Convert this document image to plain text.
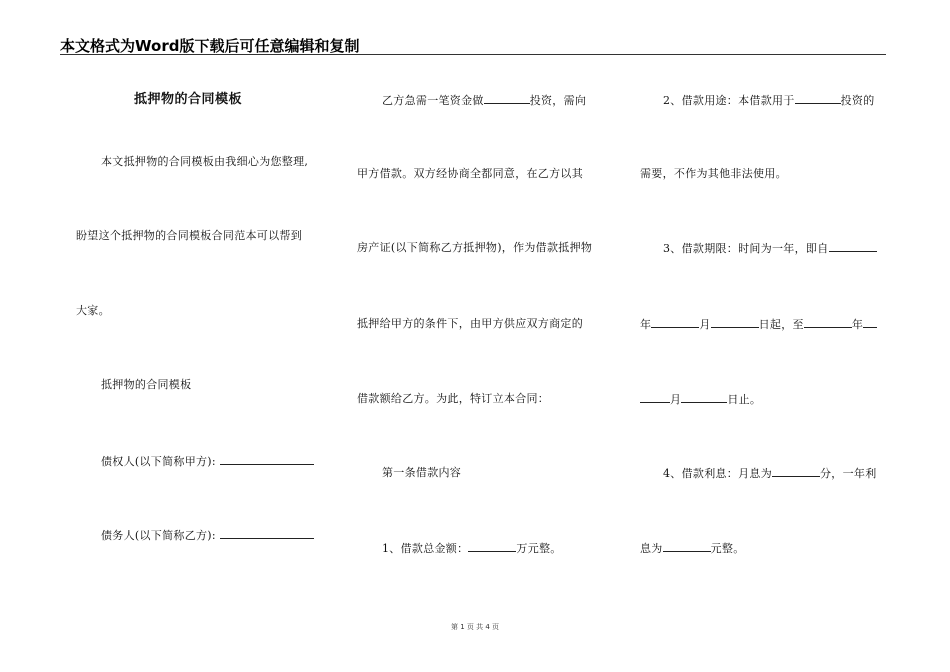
本文格式为Word版下载后可任意编辑和复制
抵押物的合同模板
本文抵押物的合同模板由我细心为您整理,
盼望这个抵押物的合同模板合同范本可以帮到
大家。
抵押物的合同模板
债权人(以下简称甲方):
债务人(以下简称乙方):
乙方急需一笔资金做	投资，需向
甲方借款。双方经协商全都同意，在乙方以其
房产证(以下简称乙方抵押物)，作为借款抵押物
抵押给甲方的条件下，由甲方供应双方商定的
借款额给乙方。为此，特订立本合同：
第一条借款内容
1、借款总金额：	万元整。
2、借款用途：本借款用于	投资的
需要，不作为其他非法使用。
3、借款期限：时间为一年，即自
年	月	日起，至	年
月	日止。
4、借款利息：月息为	分，一年利
息为	元整。
第 1 页 共 4 页
